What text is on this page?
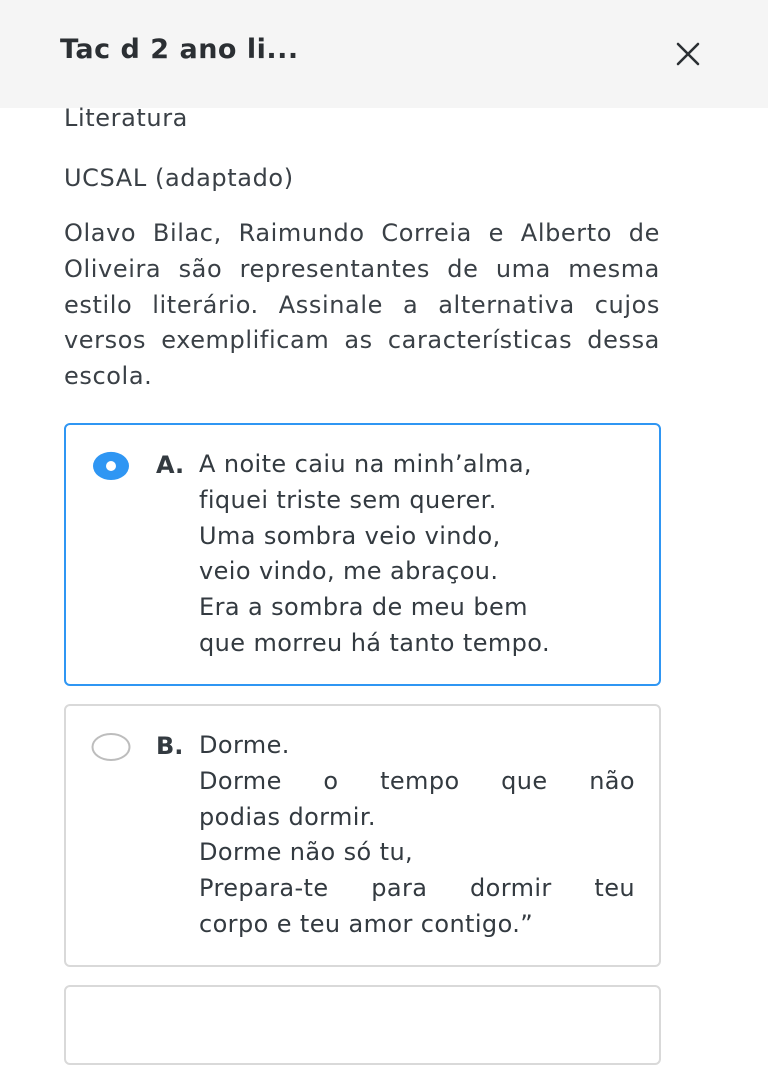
Tac d 2 ano li...
Literatura
UCSAL (adaptado)
Olavo Bilac, Raimundo Correia e Alberto de Oliveira são representantes de uma mesma estilo literário. Assinale a alternativa cujos versos exemplificam as características dessa escola.
A. A noite caiu na minh’alma,
fiquei triste sem querer.
Uma sombra veio vindo,
veio vindo, me abraçou.
Era a sombra de meu bem
que morreu há tanto tempo.
B. Dorme.
Dorme o tempo que não
podias dormir.
Dorme não só tu,
Prepara-te para dormir teu
corpo e teu amor contigo.”
